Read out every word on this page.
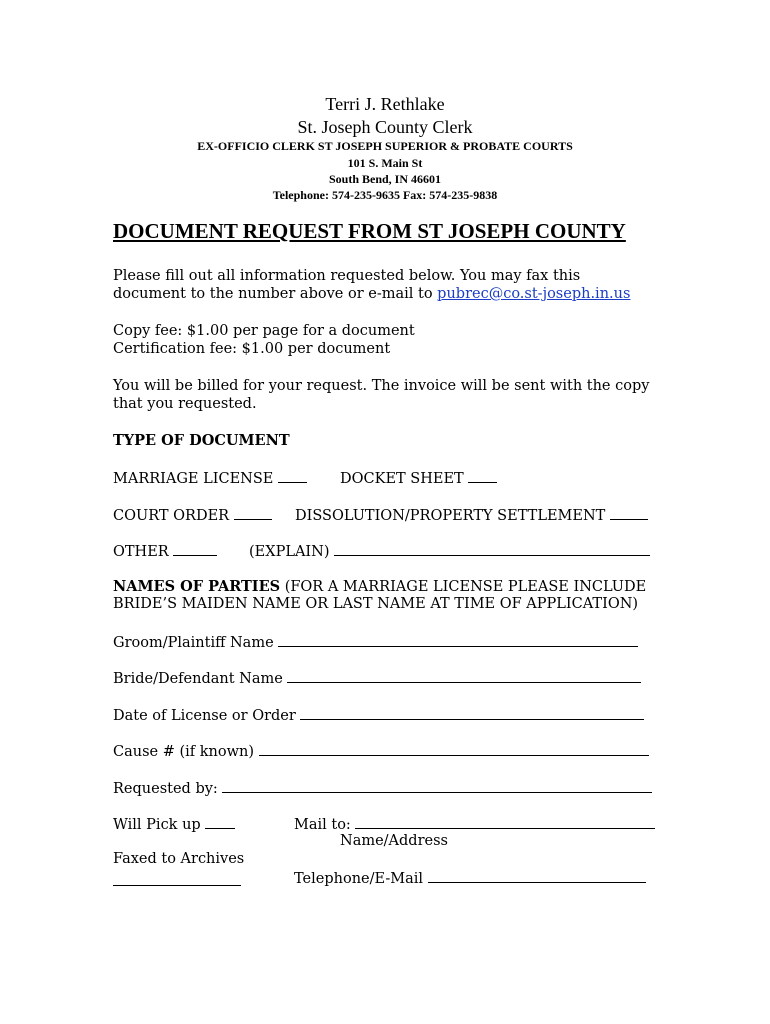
Terri J. Rethlake
St. Joseph County Clerk
EX-OFFICIO CLERK ST JOSEPH SUPERIOR & PROBATE COURTS
101 S. Main St
South Bend, IN 46601
Telephone: 574-235-9635 Fax: 574-235-9838
DOCUMENT REQUEST FROM ST JOSEPH COUNTY
Please fill out all information requested below. You may fax this
document to the number above or e-mail to pubrec@co.st-joseph.in.us
Copy fee: $1.00 per page for a document
Certification fee: $1.00 per document
You will be billed for your request. The invoice will be sent with the copy
that you requested.
TYPE OF DOCUMENT
MARRIAGE LICENSE	DOCKET SHEET
COURT ORDER	DISSOLUTION/PROPERTY SETTLEMENT
OTHER	(EXPLAIN)
NAMES OF PARTIES (FOR A MARRIAGE LICENSE PLEASE INCLUDE
BRIDE’S MAIDEN NAME OR LAST NAME AT TIME OF APPLICATION)
Groom/Plaintiff Name
Bride/Defendant Name
Date of License or Order
Cause # (if known)
Requested by:
Will Pick up	Mail to:
Name/Address
Faxed to Archives
Telephone/E-Mail
